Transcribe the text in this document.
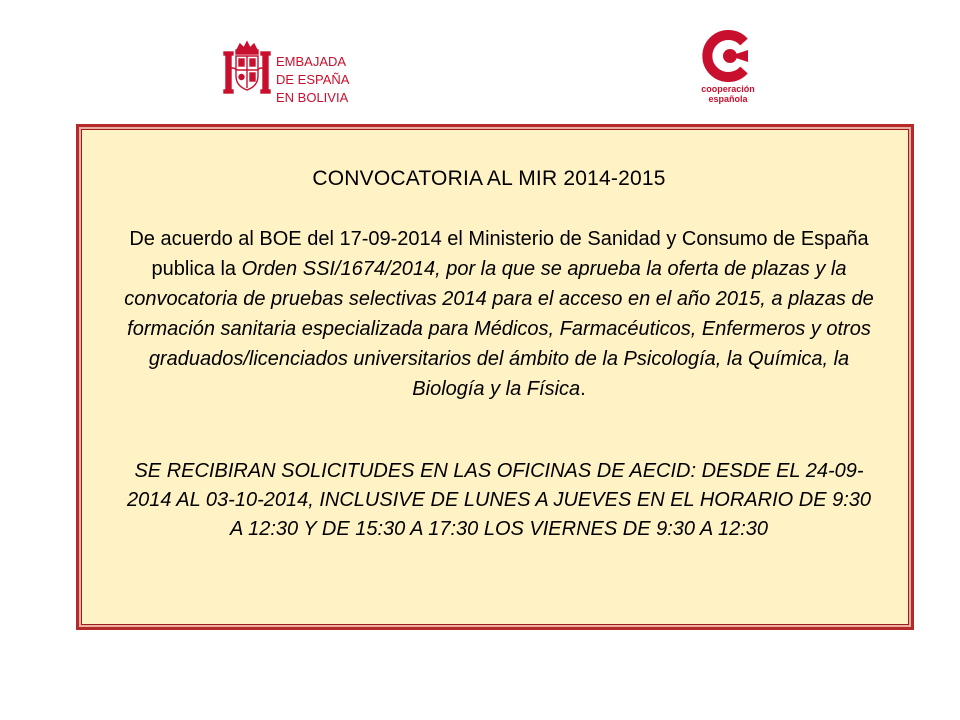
EMBAJADA
DE ESPAÑA
EN BOLIVIA
cooperación
española
CONVOCATORIA AL MIR 2014-2015
De acuerdo al BOE del 17-09-2014 el Ministerio de Sanidad y Consumo de España publica la Orden SSI/1674/2014, por la que se aprueba la oferta de plazas y la convocatoria de pruebas selectivas 2014 para el acceso en el año 2015, a plazas de formación sanitaria especializada para Médicos, Farmacéuticos, Enfermeros y otros graduados/licenciados universitarios del ámbito de la Psicología, la Química, la Biología y la Física.
SE RECIBIRAN SOLICITUDES EN LAS OFICINAS DE AECID: DESDE EL 24-09-2014 AL 03-10-2014, INCLUSIVE DE LUNES A JUEVES EN EL HORARIO DE 9:30 A 12:30 Y DE 15:30 A 17:30 LOS VIERNES DE 9:30 A 12:30
